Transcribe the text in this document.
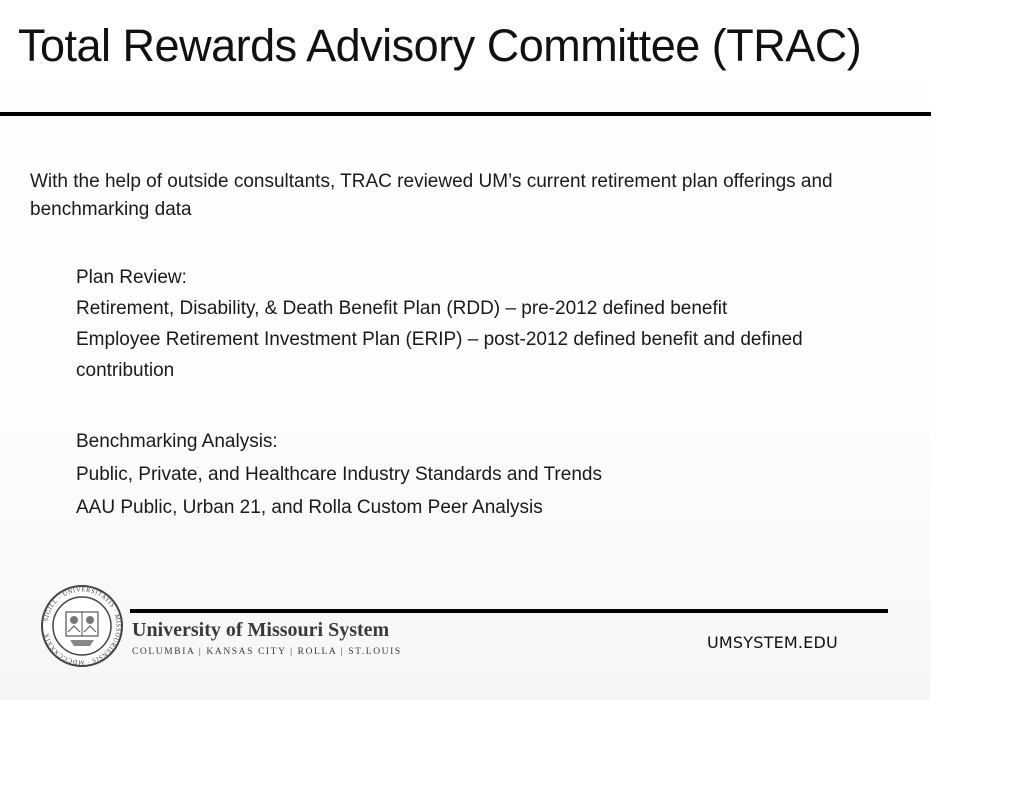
Total Rewards Advisory Committee (TRAC)
With the help of outside consultants, TRAC reviewed UM’s current retirement plan offerings and benchmarking data
Plan Review:
Retirement, Disability, & Death Benefit Plan (RDD) – pre-2012 defined benefit
Employee Retirement Investment Plan (ERIP) – post-2012 defined benefit and defined contribution
Benchmarking Analysis:
Public, Private, and Healthcare Industry Standards and Trends
AAU Public, Urban 21, and Rolla Custom Peer Analysis
SIGILL · UNIVERSITATIS · MISSOURIENSIS · MDCCCXXXIX	University of Missouri System
COLUMBIA | KANSAS CITY | ROLLA | ST.LOUIS	UMSYSTEM.EDU
